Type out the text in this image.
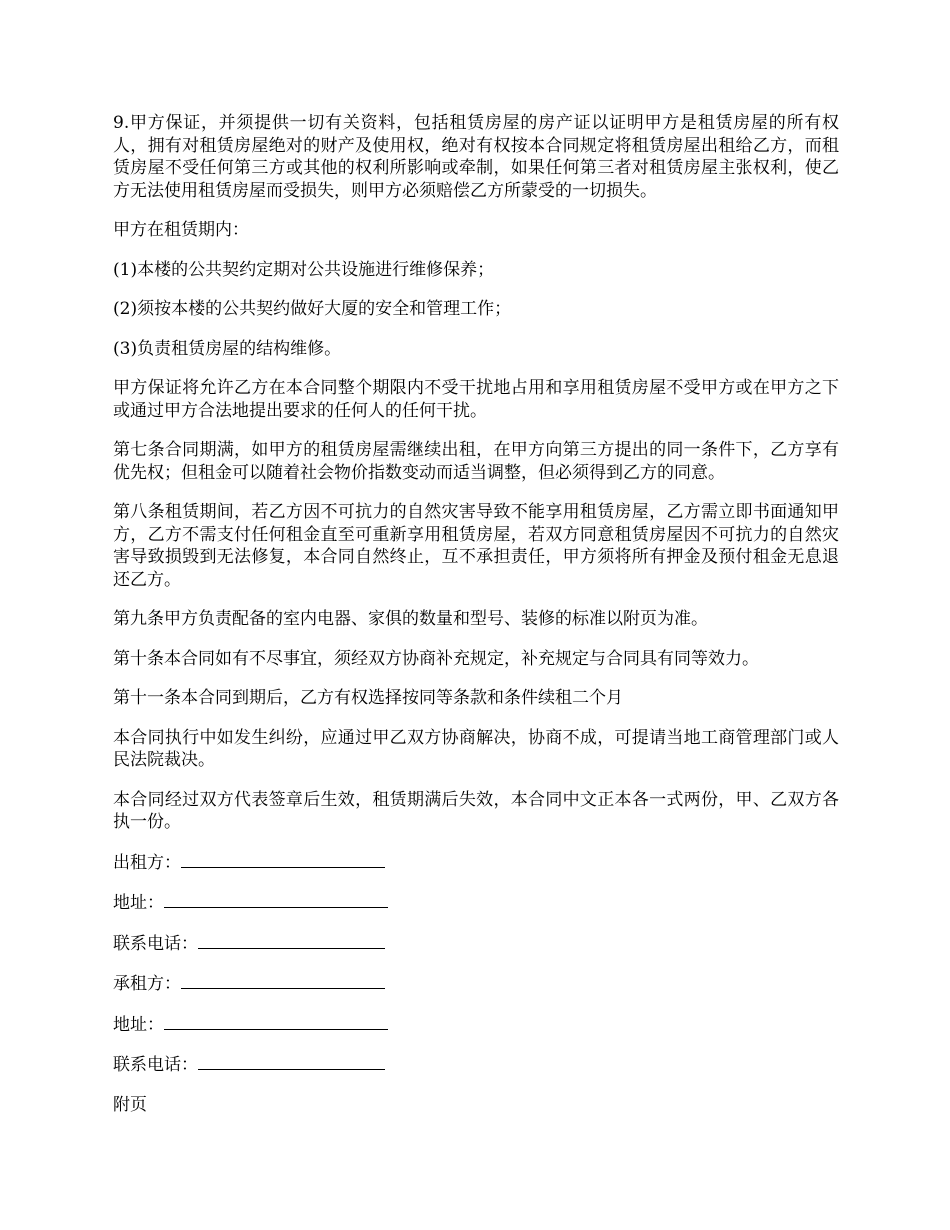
9.甲方保证，并须提供一切有关资料，包括租赁房屋的房产证以证明甲方是租赁房屋的所有权人，拥有对租赁房屋绝对的财产及使用权，绝对有权按本合同规定将租赁房屋出租给乙方，而租赁房屋不受任何第三方或其他的权利所影响或牵制，如果任何第三者对租赁房屋主张权利，使乙方无法使用租赁房屋而受损失，则甲方必须赔偿乙方所蒙受的一切损失。

甲方在租赁期内：

(1)本楼的公共契约定期对公共设施进行维修保养；

(2)须按本楼的公共契约做好大厦的安全和管理工作；

(3)负责租赁房屋的结构维修。

甲方保证将允许乙方在本合同整个期限内不受干扰地占用和享用租赁房屋不受甲方或在甲方之下或通过甲方合法地提出要求的任何人的任何干扰。

第七条合同期满，如甲方的租赁房屋需继续出租，在甲方向第三方提出的同一条件下，乙方享有优先权；但租金可以随着社会物价指数变动而适当调整，但必须得到乙方的同意。

第八条租赁期间，若乙方因不可抗力的自然灾害导致不能享用租赁房屋，乙方需立即书面通知甲方，乙方不需支付任何租金直至可重新享用租赁房屋，若双方同意租赁房屋因不可抗力的自然灾害导致损毁到无法修复，本合同自然终止，互不承担责任，甲方须将所有押金及预付租金无息退还乙方。

第九条甲方负责配备的室内电器、家俱的数量和型号、装修的标准以附页为准。

第十条本合同如有不尽事宜，须经双方协商补充规定，补充规定与合同具有同等效力。

第十一条本合同到期后，乙方有权选择按同等条款和条件续租二个月

本合同执行中如发生纠纷，应通过甲乙双方协商解决，协商不成，可提请当地工商管理部门或人民法院裁决。

本合同经过双方代表签章后生效，租赁期满后失效，本合同中文正本各一式两份，甲、乙双方各执一份。

出租方：
地址：
联系电话：
承租方：
地址：
联系电话：

附页
